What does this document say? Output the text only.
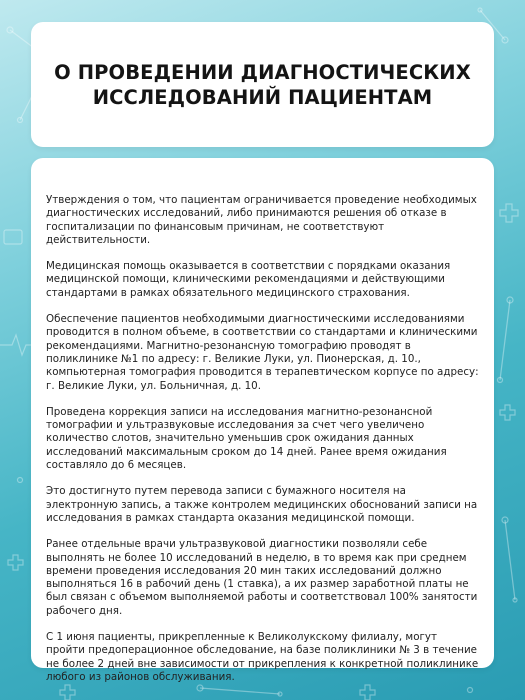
О ПРОВЕДЕНИИ ДИАГНОСТИЧЕСКИХ ИССЛЕДОВАНИЙ ПАЦИЕНТАМ

Утверждения о том, что пациентам ограничивается проведение необходимых диагностических исследований, либо принимаются решения об отказе в госпитализации по финансовым причинам, не соответствуют действительности.

Медицинская помощь оказывается в соответствии с порядками оказания медицинской помощи, клиническими рекомендациями и действующими стандартами в рамках обязательного медицинского страхования.

Обеспечение пациентов необходимыми диагностическими исследованиями проводится в полном объеме, в соответствии со стандартами и клиническими рекомендациями. Магнитно-резонансную томографию проводят в поликлинике №1 по адресу: г. Великие Луки, ул. Пионерская, д. 10., компьютерная томография проводится в терапевтическом корпусе по адресу: г. Великие Луки, ул. Больничная, д. 10.

Проведена коррекция записи на исследования магнитно-резонансной томографии и ультразвуковые исследования за счет чего увеличено количество слотов, значительно уменьшив срок ожидания данных исследований максимальным сроком до 14 дней. Ранее время ожидания составляло до 6 месяцев.

Это достигнуто путем перевода записи с бумажного носителя на электронную запись, а также контролем медицинских обоснований записи на исследования в рамках стандарта оказания медицинской помощи.

Ранее отдельные врачи ультразвуковой диагностики позволяли себе выполнять не более 10 исследований в неделю, в то время как при среднем времени проведения исследования 20 мин таких исследований должно выполняться 16 в рабочий день (1 ставка), а их размер заработной платы не был связан с объемом выполняемой работы и соответствовал 100% занятости рабочего дня.

С 1 июня пациенты, прикрепленные к Великолукскому филиалу, могут пройти предоперационное обследование, на базе поликлиники № 3 в течение не более 2 дней вне зависимости от прикрепления к конкретной поликлинике любого из районов обслуживания.
